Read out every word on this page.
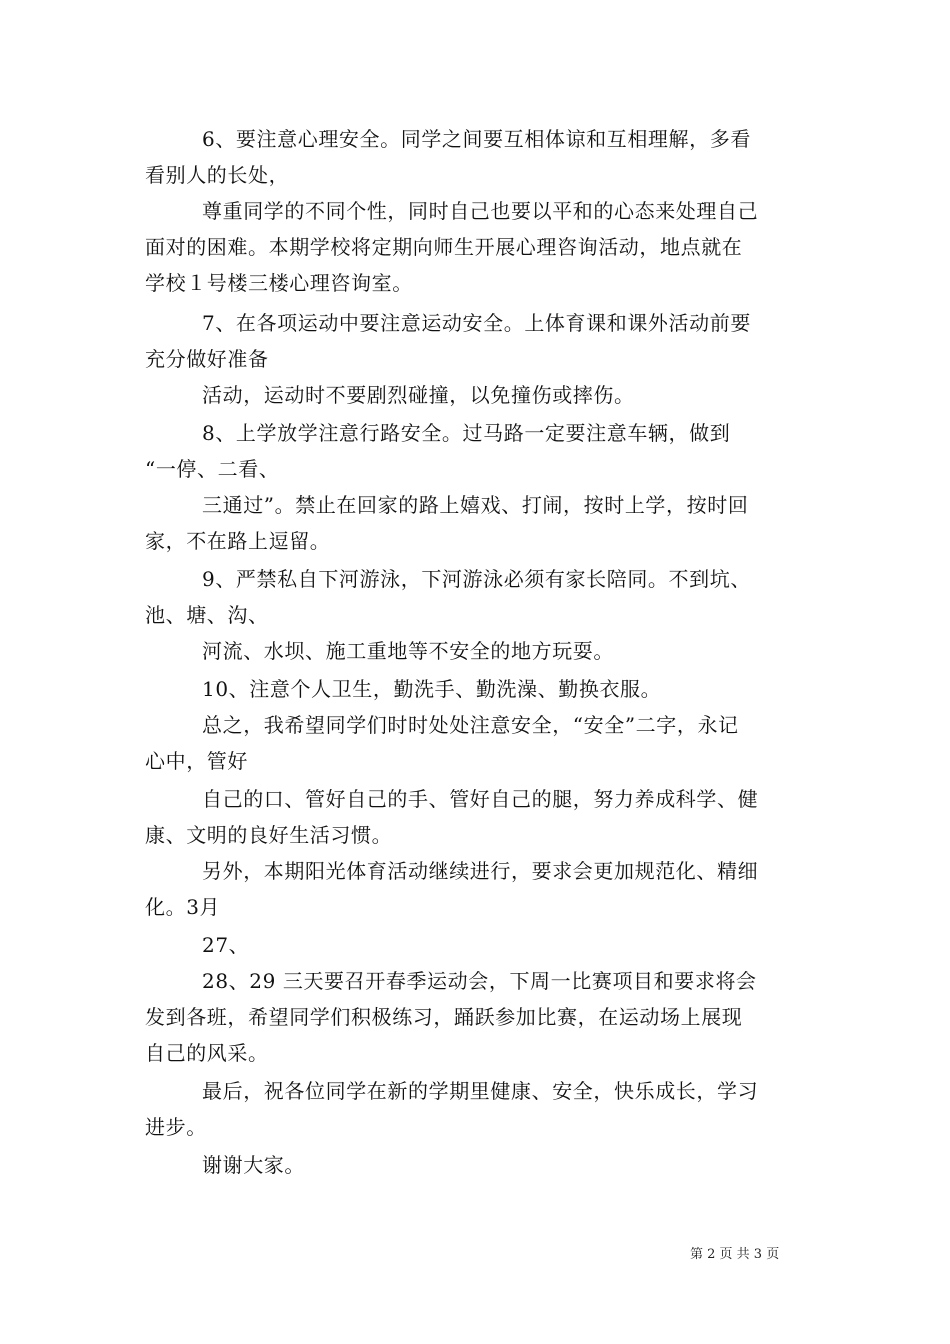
6、要注意心理安全。同学之间要互相体谅和互相理解，多看
看别人的长处，
尊重同学的不同个性，同时自己也要以平和的心态来处理自己
面对的困难。本期学校将定期向师生开展心理咨询活动，地点就在
学校１号楼三楼心理咨询室。
7、在各项运动中要注意运动安全。上体育课和课外活动前要
充分做好准备
活动，运动时不要剧烈碰撞，以免撞伤或摔伤。
8、上学放学注意行路安全。过马路一定要注意车辆，做到
“一停、二看、
三通过”。禁止在回家的路上嬉戏、打闹，按时上学，按时回
家，不在路上逗留。
9、严禁私自下河游泳，下河游泳必须有家长陪同。不到坑、
池、塘、沟、
河流、水坝、施工重地等不安全的地方玩耍。
10、注意个人卫生，勤洗手、勤洗澡、勤换衣服。
总之，我希望同学们时时处处注意安全，“安全”二字，永记
心中，管好
自己的口、管好自己的手、管好自己的腿，努力养成科学、健
康、文明的良好生活习惯。
另外，本期阳光体育活动继续进行，要求会更加规范化、精细
化。3月
27、
28、29 三天要召开春季运动会，下周一比赛项目和要求将会
发到各班，希望同学们积极练习，踊跃参加比赛，在运动场上展现
自己的风采。
最后，祝各位同学在新的学期里健康、安全，快乐成长，学习
进步。
谢谢大家。
第 2 页 共 3 页
